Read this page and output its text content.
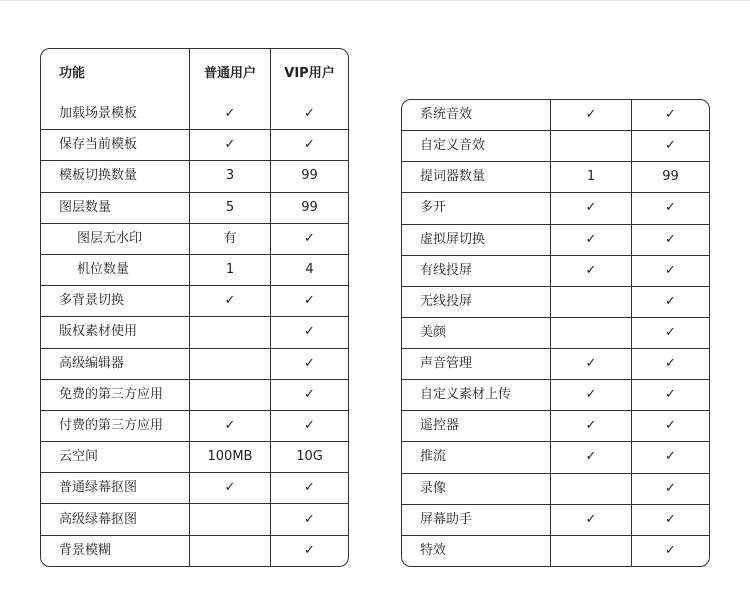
功能	普通用户	VIP用户
加载场景模板	✓	✓
保存当前模板	✓	✓
模板切换数量	3	99
图层数量	5	99
图层无水印	有	✓
机位数量	1	4
多背景切换	✓	✓
版权素材使用		✓
高级编辑器		✓
免费的第三方应用		✓
付费的第三方应用	✓	✓
云空间	100MB	10G
普通绿幕抠图	✓	✓
高级绿幕抠图		✓
背景模糊		✓
系统音效	✓	✓
自定义音效		✓
提词器数量	1	99
多开	✓	✓
虚拟屏切换	✓	✓
有线投屏	✓	✓
无线投屏		✓
美颜		✓
声音管理	✓	✓
自定义素材上传	✓	✓
遥控器	✓	✓
推流	✓	✓
录像		✓
屏幕助手	✓	✓
特效		✓
